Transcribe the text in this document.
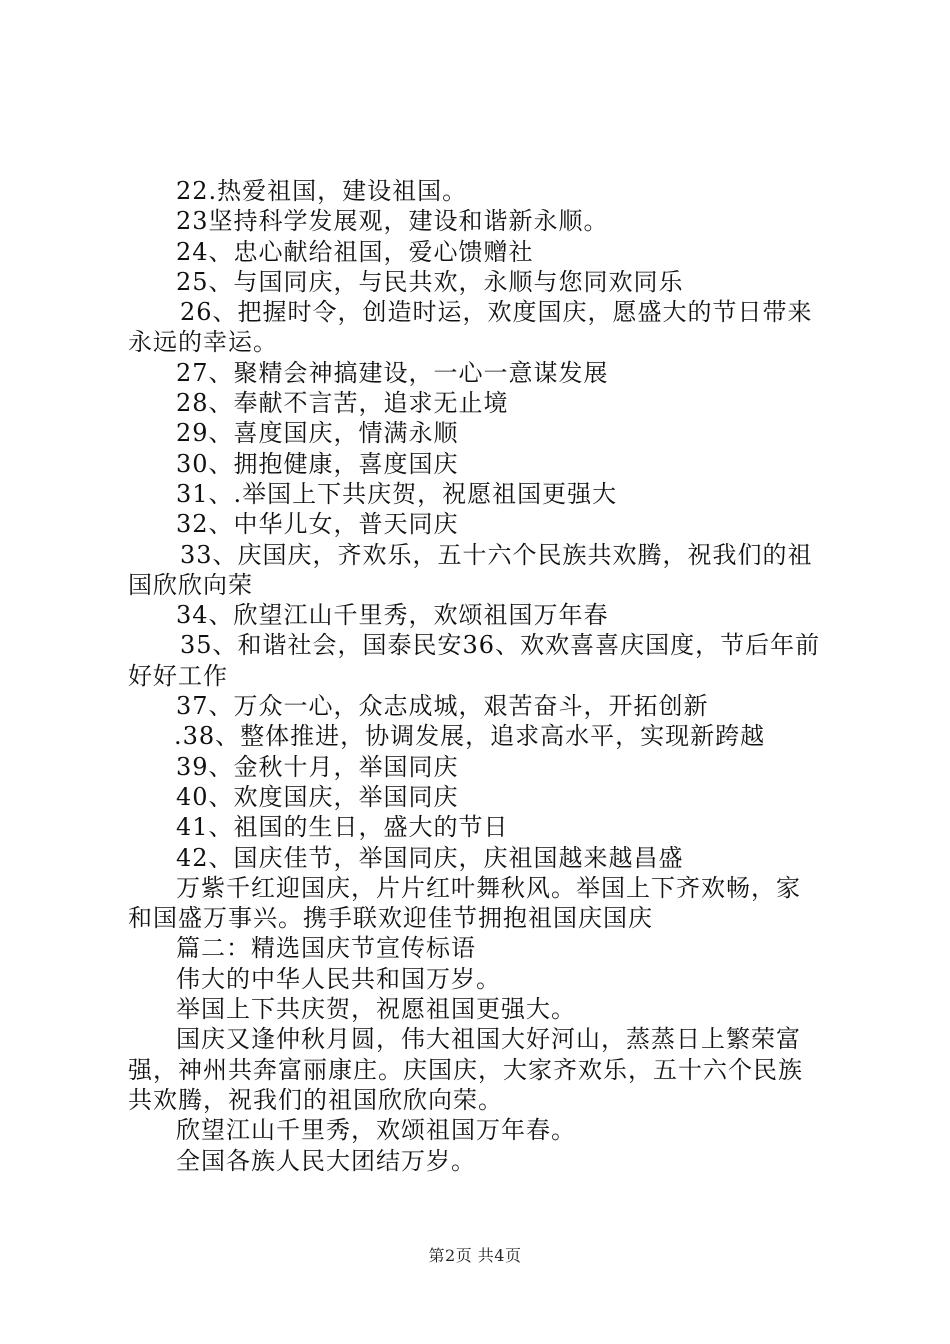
22.热爱祖国，建设祖国。
23坚持科学发展观，建设和谐新永顺。
24、忠心献给祖国，爱心馈赠社
25、与国同庆，与民共欢，永顺与您同欢同乐
26、把握时令，创造时运，欢度国庆，愿盛大的节日带来
永远的幸运。
27、聚精会神搞建设，一心一意谋发展
28、奉献不言苦，追求无止境
29、喜度国庆，情满永顺
30、拥抱健康，喜度国庆
31、.举国上下共庆贺，祝愿祖国更强大
32、中华儿女，普天同庆
33、庆国庆，齐欢乐，五十六个民族共欢腾，祝我们的祖
国欣欣向荣
34、欣望江山千里秀，欢颂祖国万年春
35、和谐社会，国泰民安36、欢欢喜喜庆国度，节后年前
好好工作
37、万众一心，众志成城，艰苦奋斗，开拓创新
.38、整体推进，协调发展，追求高水平，实现新跨越
39、金秋十月，举国同庆
40、欢度国庆，举国同庆
41、祖国的生日，盛大的节日
42、国庆佳节，举国同庆，庆祖国越来越昌盛
万紫千红迎国庆，片片红叶舞秋风。举国上下齐欢畅，家
和国盛万事兴。携手联欢迎佳节拥抱祖国庆国庆
篇二：精选国庆节宣传标语
伟大的中华人民共和国万岁。
举国上下共庆贺，祝愿祖国更强大。
国庆又逢仲秋月圆，伟大祖国大好河山，蒸蒸日上繁荣富
强，神州共奔富丽康庄。庆国庆，大家齐欢乐，五十六个民族
共欢腾，祝我们的祖国欣欣向荣。
欣望江山千里秀，欢颂祖国万年春。
全国各族人民大团结万岁。
第2页 共4页
